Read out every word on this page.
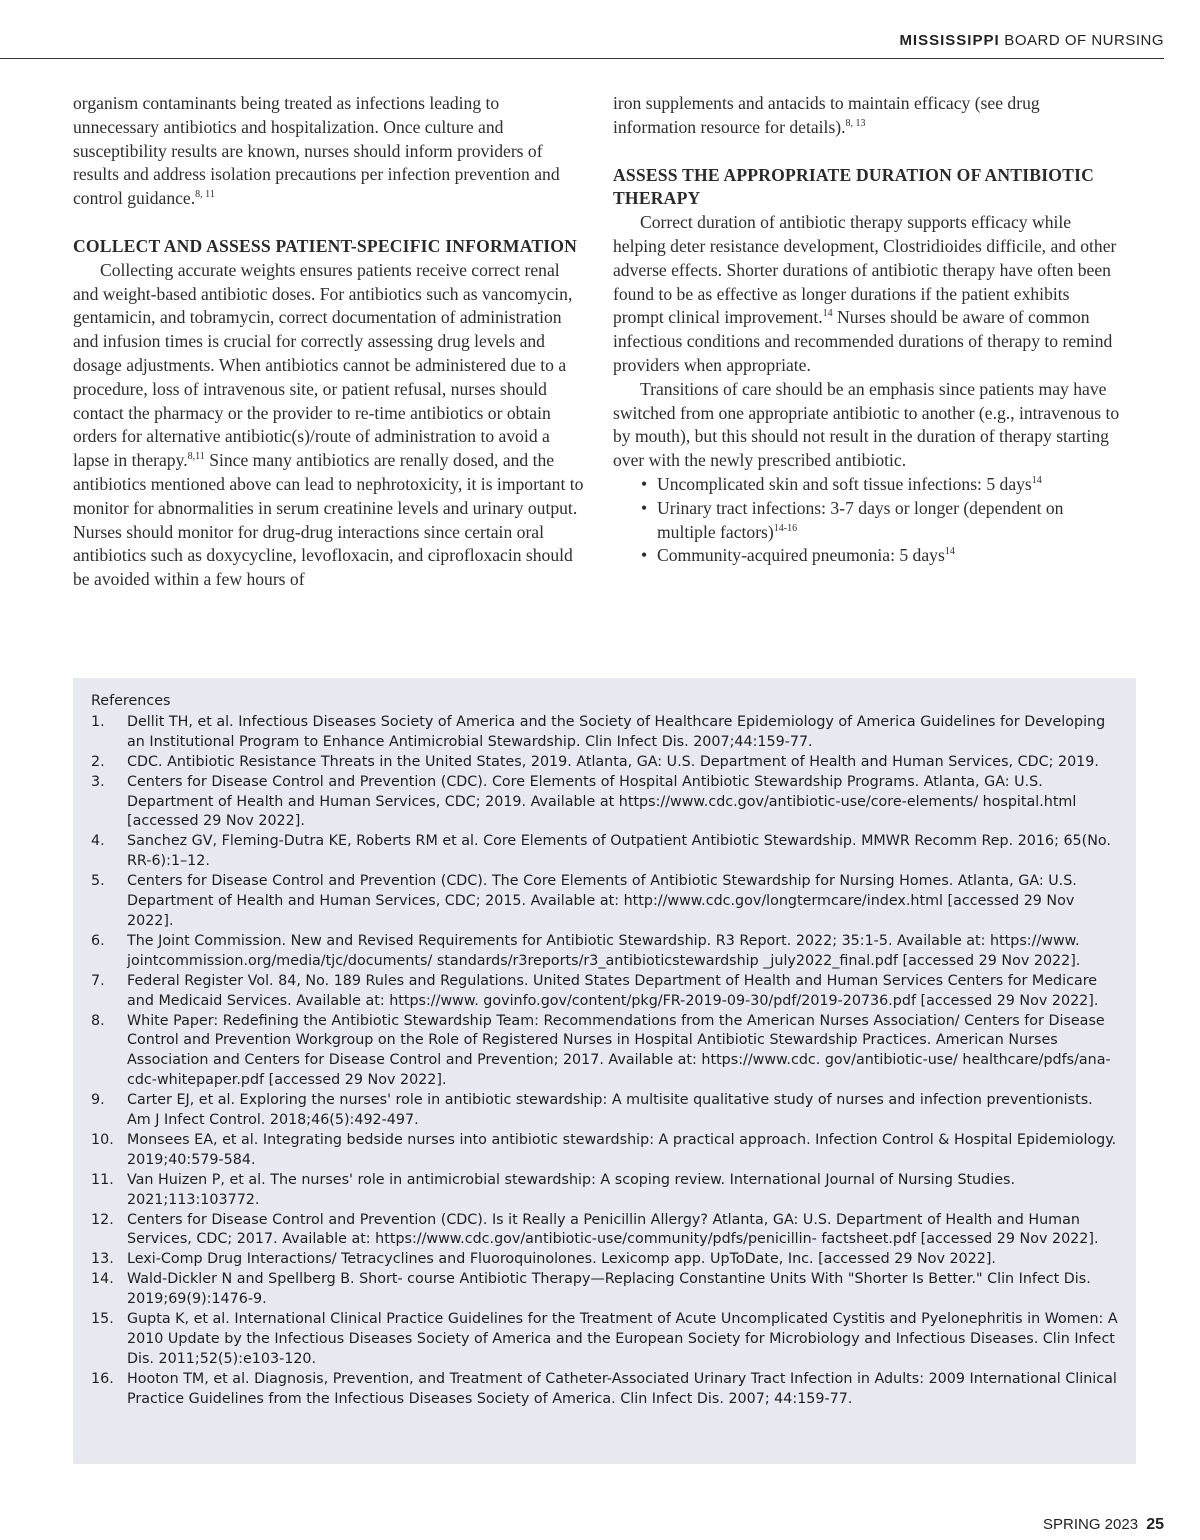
MISSISSIPPI BOARD OF NURSING

organism contaminants being treated as infections leading to unnecessary antibiotics and hospitalization. Once culture and susceptibility results are known, nurses should inform providers of results and address isolation precautions per infection prevention and control guidance.$^{8, 11}$

COLLECT AND ASSESS PATIENT-SPECIFIC INFORMATION

Collecting accurate weights ensures patients receive correct renal and weight-based antibiotic doses. For antibiotics such as vancomycin, gentamicin, and tobramycin, correct documentation of administration and infusion times is crucial for correctly assessing drug levels and dosage adjustments. When antibiotics cannot be administered due to a procedure, loss of intravenous site, or patient refusal, nurses should contact the pharmacy or the provider to re-time antibiotics or obtain orders for alternative antibiotic(s)/route of administration to avoid a lapse in therapy.$^{8,11}$ Since many antibiotics are renally dosed, and the antibiotics mentioned above can lead to nephrotoxicity, it is important to monitor for abnormalities in serum creatinine levels and urinary output. Nurses should monitor for drug-drug interactions since certain oral antibiotics such as doxycycline, levofloxacin, and ciprofloxacin should be avoided within a few hours of

iron supplements and antacids to maintain efficacy (see drug information resource for details).$^{8, 13}$

ASSESS THE APPROPRIATE DURATION OF ANTIBIOTIC THERAPY

Correct duration of antibiotic therapy supports efficacy while helping deter resistance development, Clostridioides difficile, and other adverse effects. Shorter durations of antibiotic therapy have often been found to be as effective as longer durations if the patient exhibits prompt clinical improvement.$^{14}$ Nurses should be aware of common infectious conditions and recommended durations of therapy to remind providers when appropriate.

Transitions of care should be an emphasis since patients may have switched from one appropriate antibiotic to another (e.g., intravenous to by mouth), but this should not result in the duration of therapy starting over with the newly prescribed antibiotic.

• Uncomplicated skin and soft tissue infections: 5 days$^{14}$
• Urinary tract infections: 3-7 days or longer (dependent on multiple factors)$^{14-16}$
• Community-acquired pneumonia: 5 days$^{14}$
References
1. Dellit TH, et al. Infectious Diseases Society of America and the Society of Healthcare Epidemiology of America Guidelines for Developing an Institutional Program to Enhance Antimicrobial Stewardship. Clin Infect Dis. 2007;44:159-77.
2. CDC. Antibiotic Resistance Threats in the United States, 2019. Atlanta, GA: U.S. Department of Health and Human Services, CDC; 2019.
3. Centers for Disease Control and Prevention (CDC). Core Elements of Hospital Antibiotic Stewardship Programs. Atlanta, GA: U.S. Department of Health and Human Services, CDC; 2019. Available at https://www.cdc.gov/antibiotic-use/core-elements/ hospital.html [accessed 29 Nov 2022].
4. Sanchez GV, Fleming-Dutra KE, Roberts RM et al. Core Elements of Outpatient Antibiotic Stewardship. MMWR Recomm Rep. 2016; 65(No. RR-6):1–12.
5. Centers for Disease Control and Prevention (CDC). The Core Elements of Antibiotic Stewardship for Nursing Homes. Atlanta, GA: U.S. Department of Health and Human Services, CDC; 2015. Available at: http://www.cdc.gov/longtermcare/index.html [accessed 29 Nov 2022].
6. The Joint Commission. New and Revised Requirements for Antibiotic Stewardship. R3 Report. 2022; 35:1-5. Available at: https://www. jointcommission.org/media/tjc/documents/ standards/r3reports/r3_antibioticstewardship _july2022_final.pdf [accessed 29 Nov 2022].
7. Federal Register Vol. 84, No. 189 Rules and Regulations. United States Department of Health and Human Services Centers for Medicare and Medicaid Services. Available at: https://www. govinfo.gov/content/pkg/FR-2019-09-30/pdf/2019-20736.pdf [accessed 29 Nov 2022].
8. White Paper: Redefining the Antibiotic Stewardship Team: Recommendations from the American Nurses Association/ Centers for Disease Control and Prevention Workgroup on the Role of Registered Nurses in Hospital Antibiotic Stewardship Practices. American Nurses Association and Centers for Disease Control and Prevention; 2017. Available at: https://www.cdc. gov/antibiotic-use/ healthcare/pdfs/ana-cdc-whitepaper.pdf [accessed 29 Nov 2022].
9. Carter EJ, et al. Exploring the nurses' role in antibiotic stewardship: A multisite qualitative study of nurses and infection preventionists. Am J Infect Control. 2018;46(5):492-497.
10. Monsees EA, et al. Integrating bedside nurses into antibiotic stewardship: A practical approach. Infection Control & Hospital Epidemiology. 2019;40:579-584.
11. Van Huizen P, et al. The nurses' role in antimicrobial stewardship: A scoping review. International Journal of Nursing Studies. 2021;113:103772.
12. Centers for Disease Control and Prevention (CDC). Is it Really a Penicillin Allergy? Atlanta, GA: U.S. Department of Health and Human Services, CDC; 2017. Available at: https://www.cdc.gov/antibiotic-use/community/pdfs/penicillin- factsheet.pdf [accessed 29 Nov 2022].
13. Lexi-Comp Drug Interactions/ Tetracyclines and Fluoroquinolones. Lexicomp app. UpToDate, Inc. [accessed 29 Nov 2022].
14. Wald-Dickler N and Spellberg B. Short- course Antibiotic Therapy—Replacing Constantine Units With "Shorter Is Better." Clin Infect Dis. 2019;69(9):1476-9.
15. Gupta K, et al. International Clinical Practice Guidelines for the Treatment of Acute Uncomplicated Cystitis and Pyelonephritis in Women: A 2010 Update by the Infectious Diseases Society of America and the European Society for Microbiology and Infectious Diseases. Clin Infect Dis. 2011;52(5):e103-120.
16. Hooton TM, et al. Diagnosis, Prevention, and Treatment of Catheter-Associated Urinary Tract Infection in Adults: 2009 International Clinical Practice Guidelines from the Infectious Diseases Society of America. Clin Infect Dis. 2007; 44:159-77.
SPRING 2023 25
